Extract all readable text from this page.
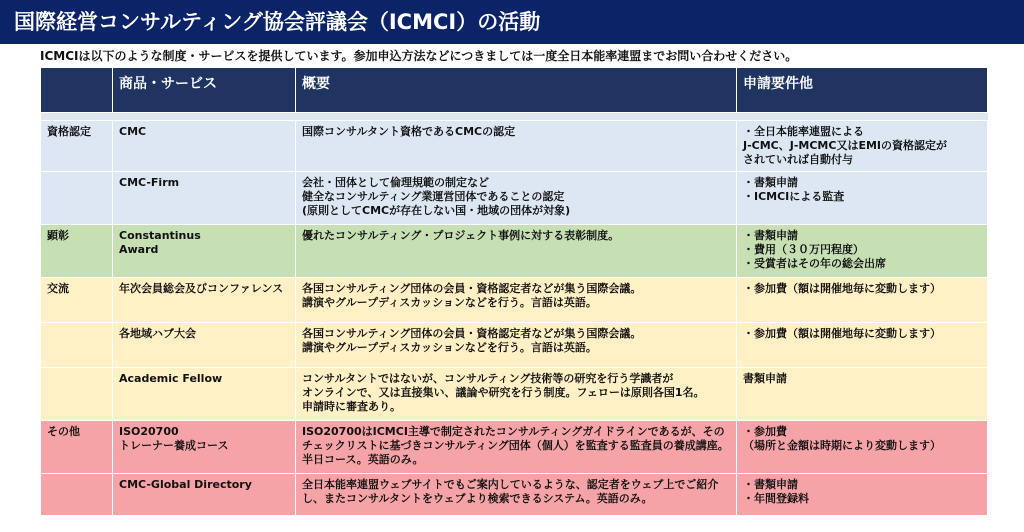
国際経営コンサルティング協会評議会（ICMCI）の活動
ICMCIは以下のような制度・サービスを提供しています。参加申込方法などにつきましては一度全日本能率連盟までお問い合わせください。
	商品・サービス	概要	申請要件他

資格認定	CMC	国際コンサルタント資格であるCMCの認定	・全日本能率連盟による
J-CMC、J-MCMC又はEMIの資格認定が
されていれば自動付与
	CMC-Firm	会社・団体として倫理規範の制定など
健全なコンサルティング業運営団体であることの認定
(原則としてCMCが存在しない国・地域の団体が対象)	・書類申請
・ICMCIによる監査
顕彰	Constantinus
Award	優れたコンサルティング・プロジェクト事例に対する表彰制度。	・書類申請
・費用（３０万円程度）
・受賞者はその年の総会出席
交流	年次会員総会及びコンファレンス	各国コンサルティング団体の会員・資格認定者などが集う国際会議。
講演やグループディスカッションなどを行う。言語は英語。	・参加費（額は開催地毎に変動します）
	各地域ハブ大会	各国コンサルティング団体の会員・資格認定者などが集う国際会議。
講演やグループディスカッションなどを行う。言語は英語。	・参加費（額は開催地毎に変動します）
	Academic Fellow	コンサルタントではないが、コンサルティング技術等の研究を行う学識者が
オンラインで、又は直接集い、議論や研究を行う制度。フェローは原則各国1名。
申請時に審査あり。	書類申請
その他	ISO20700
トレーナー養成コース	ISO20700はICMCI主導で制定されたコンサルティングガイドラインであるが、そのチェックリストに基づきコンサルティング団体（個人）を監査する監査員の養成講座。半日コース。英語のみ。	・参加費
（場所と金額は時期により変動します）
	CMC-Global Directory	全日本能率連盟ウェブサイトでもご案内しているような、認定者をウェブ上でご紹介し、またコンサルタントをウェブより検索できるシステム。英語のみ。	・書類申請
・年間登録料
